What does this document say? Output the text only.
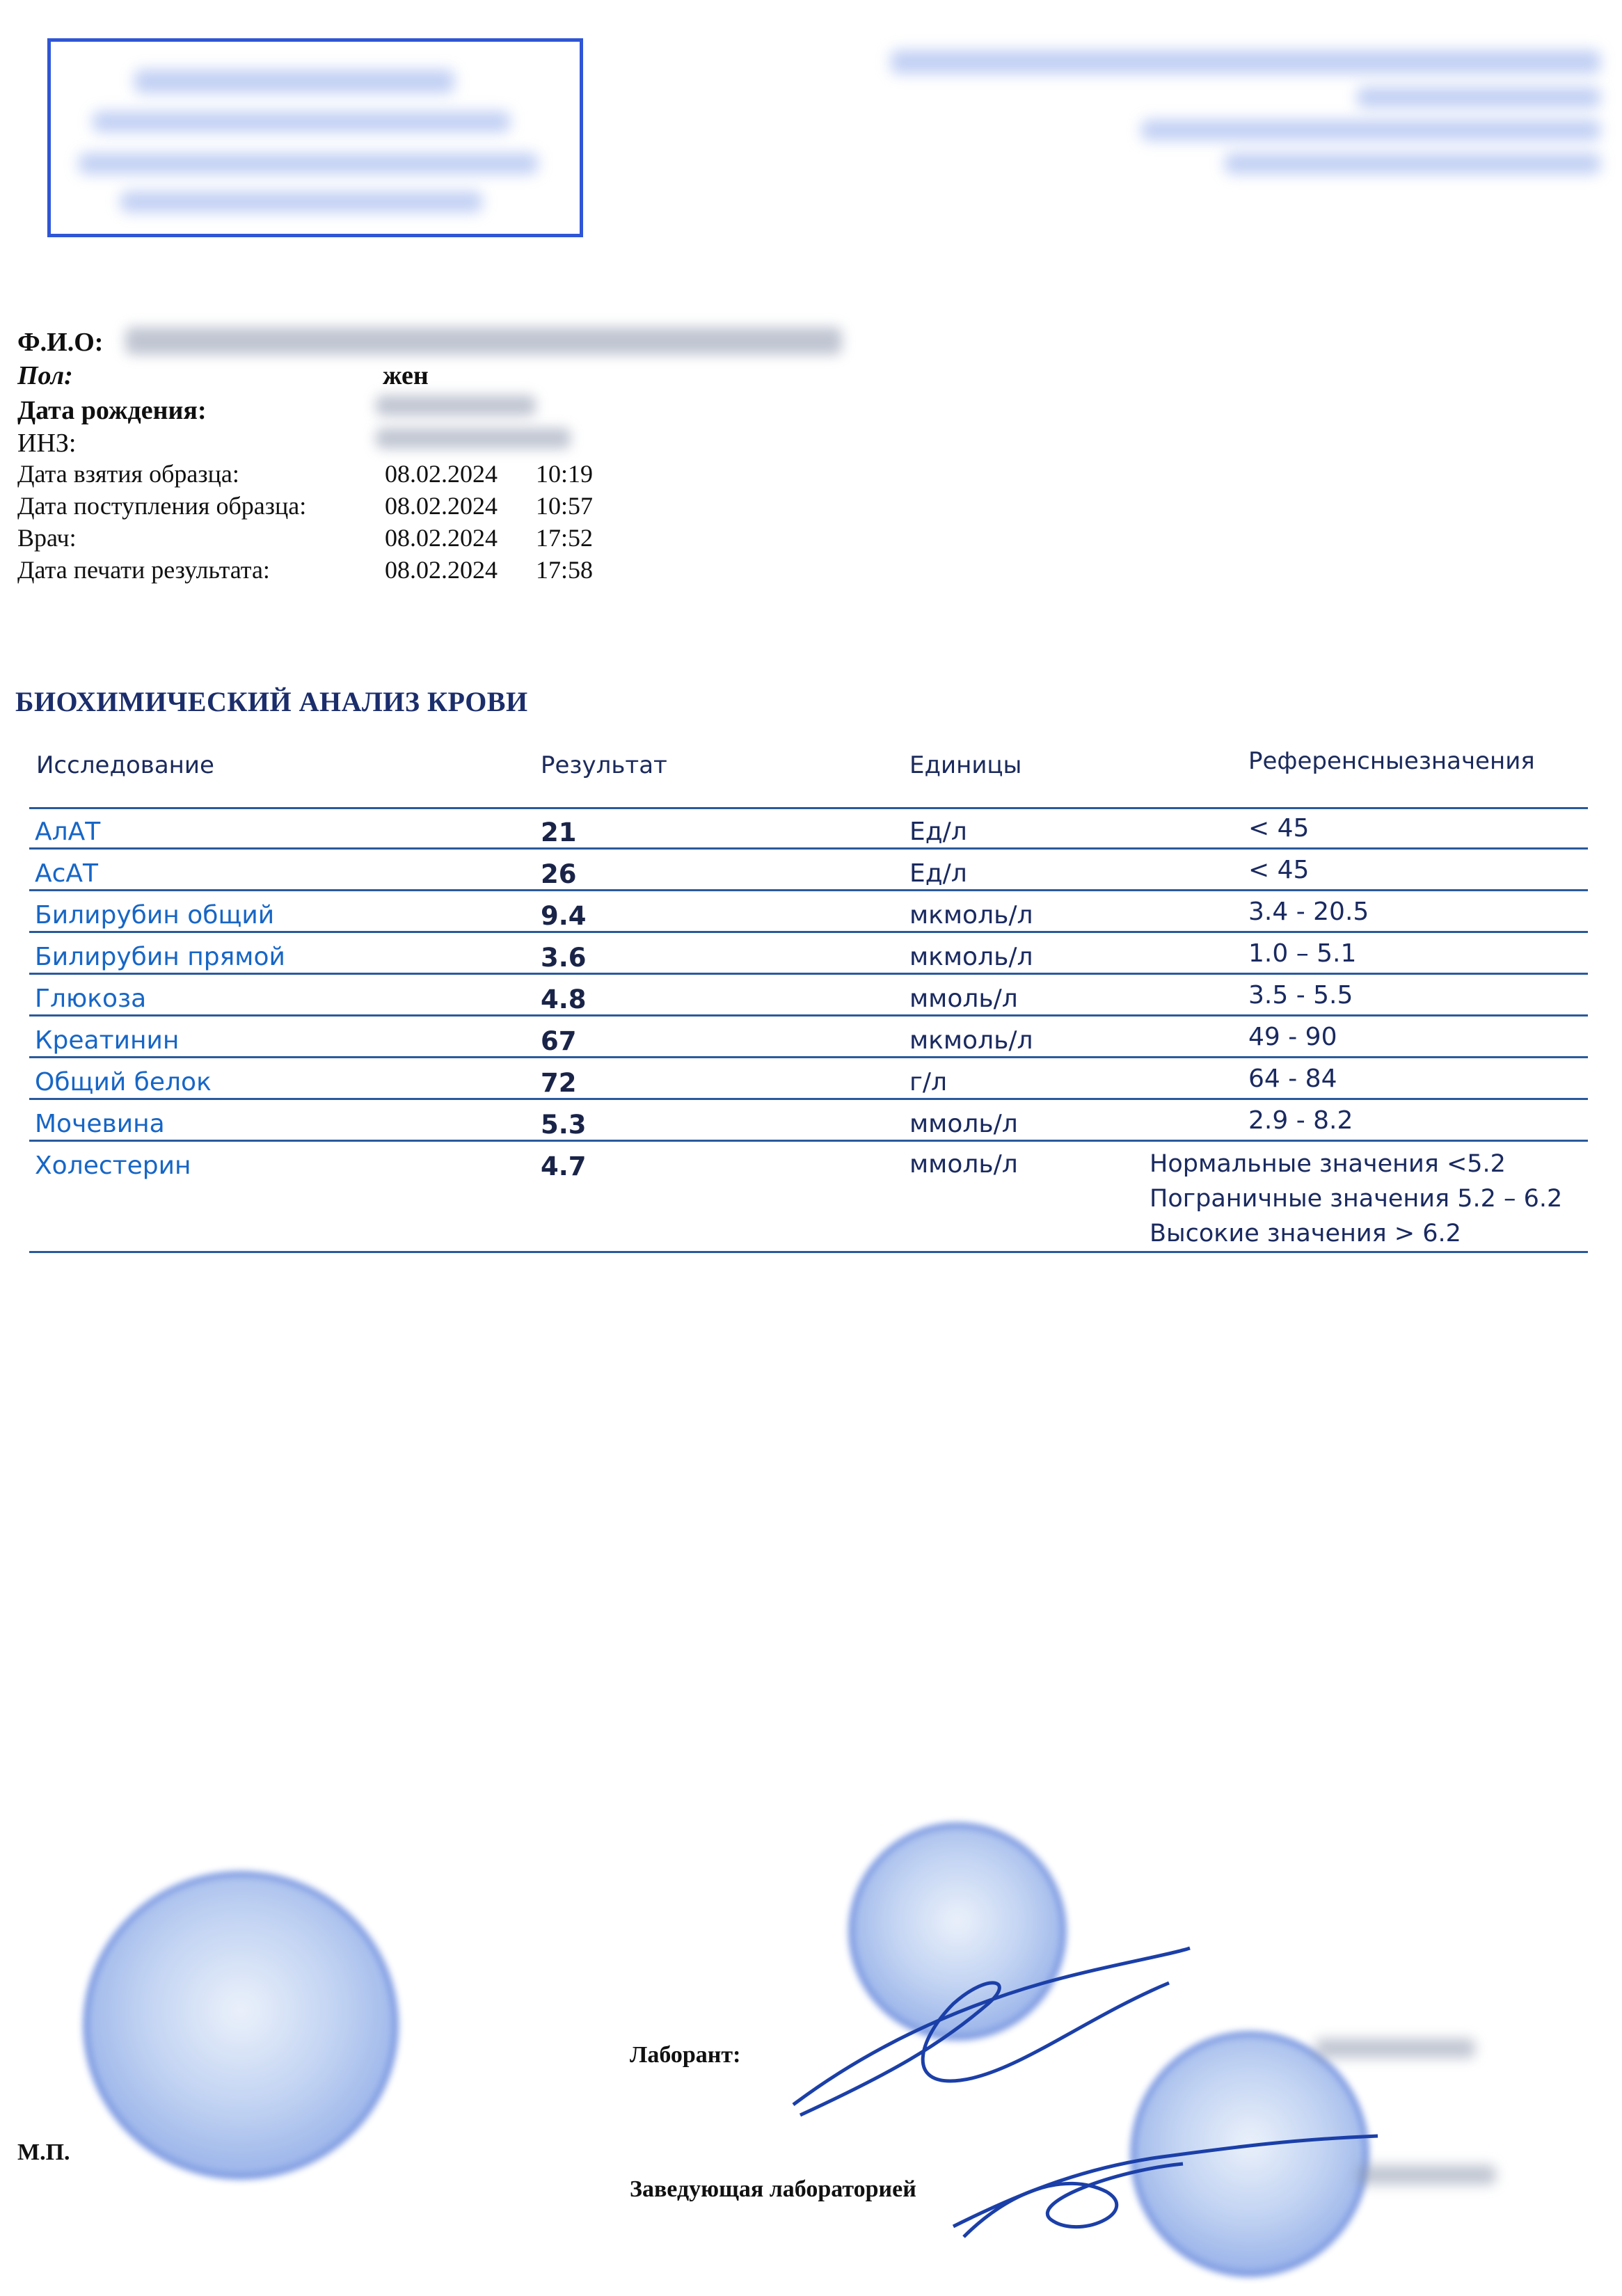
Ф.И.О:
Пол:	жен
Дата рождения:
ИНЗ:
Дата взятия образца:	08.02.2024 10:19
Дата поступления образца:	08.02.2024 10:57
Врач:	08.02.2024 17:52
Дата печати результата:	08.02.2024 17:58
БИОХИМИЧЕСКИЙ АНАЛИЗ КРОВИ
Исследование	Результат	Единицы	Референсныезначения
АлАТ	21	Ед/л	< 45
АсАТ	26	Ед/л	< 45
Билирубин общий	9.4	мкмоль/л	3.4 - 20.5
Билирубин прямой	3.6	мкмоль/л	1.0 – 5.1
Глюкоза	4.8	ммоль/л	3.5 - 5.5
Креатинин	67	мкмоль/л	49 - 90
Общий белок	72	г/л	64 - 84
Мочевина	5.3	ммоль/л	2.9 - 8.2
Холестерин	4.7	ммоль/л	Нормальные значения <5.2
Пограничные значения 5.2 – 6.2
Высокие значения > 6.2
М.П.
Лаборант:
Заведующая лабораторией
